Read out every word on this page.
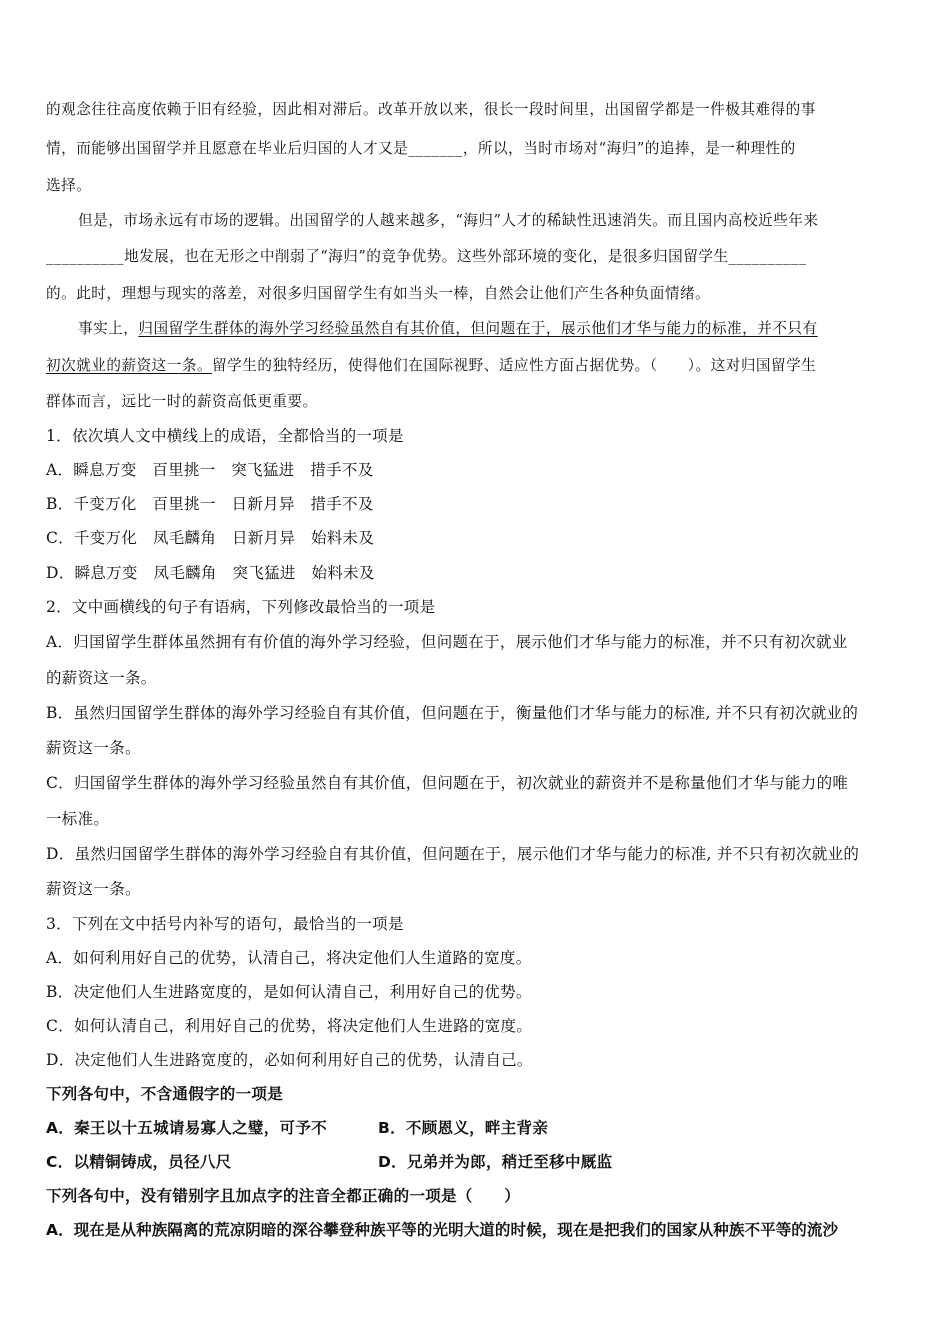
的观念往往高度依赖于旧有经验，因此相对滞后。改革开放以来，很长一段时间里，出国留学都是一件极其难得的事
情，而能够出国留学并且愿意在毕业后归国的人才又是_______，所以，当时市场对“海归”的追捧，是一种理性的
选择。
但是，市场永远有市场的逻辑。出国留学的人越来越多，“海归”人才的稀缺性迅速消失。而且国内高校近些年来
__________地发展，也在无形之中削弱了“海归”的竞争优势。这些外部环境的变化，是很多归国留学生__________
的。此时，理想与现实的落差，对很多归国留学生有如当头一棒，自然会让他们产生各种负面情绪。
事实上，归国留学生群体的海外学习经验虽然自有其价值，但问题在于，展示他们才华与能力的标准，并不只有
初次就业的薪资这一条。留学生的独特经历，使得他们在国际视野、适应性方面占据优势。（　　）。这对归国留学生
群体而言，远比一时的薪资高低更重要。
1．依次填人文中横线上的成语，全都恰当的一项是
A．瞬息万变　百里挑一　突飞猛进　措手不及
B．千变万化　百里挑一　日新月异　措手不及
C．千变万化　凤毛麟角　日新月异　始料未及
D．瞬息万变　凤毛麟角　突飞猛进　始料未及
2．文中画横线的句子有语病，下列修改最恰当的一项是
A．归国留学生群体虽然拥有有价值的海外学习经验，但问题在于，展示他们才华与能力的标准，并不只有初次就业
的薪资这一条。
B．虽然归国留学生群体的海外学习经验自有其价值，但问题在于，衡量他们才华与能力的标准, 并不只有初次就业的
薪资这一条。
C．归国留学生群体的海外学习经验虽然自有其价值，但问题在于，初次就业的薪资并不是称量他们才华与能力的唯
一标准。
D．虽然归国留学生群体的海外学习经验自有其价值，但问题在于，展示他们才华与能力的标准, 并不只有初次就业的
薪资这一条。
3．下列在文中括号内补写的语句，最恰当的一项是
A．如何利用好自己的优势，认清自己，将决定他们人生道路的宽度。
B．决定他们人生进路宽度的，是如何认清自己，利用好自己的优势。
C．如何认清自己，利用好自己的优势，将决定他们人生进路的宽度。
D．决定他们人生进路宽度的，必如何利用好自己的优势，认清自己。
下列各句中，不含通假字的一项是
A．秦王以十五城请易寡人之璧，可予不	B．不顾恩义，畔主背亲
C．以精铜铸成，员径八尺	D．兄弟并为郎，稍迁至移中厩监
下列各句中，没有错别字且加点字的注音全都正确的一项是（　　）
A．现在是从种族隔离的荒凉阴暗的深谷攀登种族平等的光明大道的时候，现在是把我们的国家从种族不平等的流沙
